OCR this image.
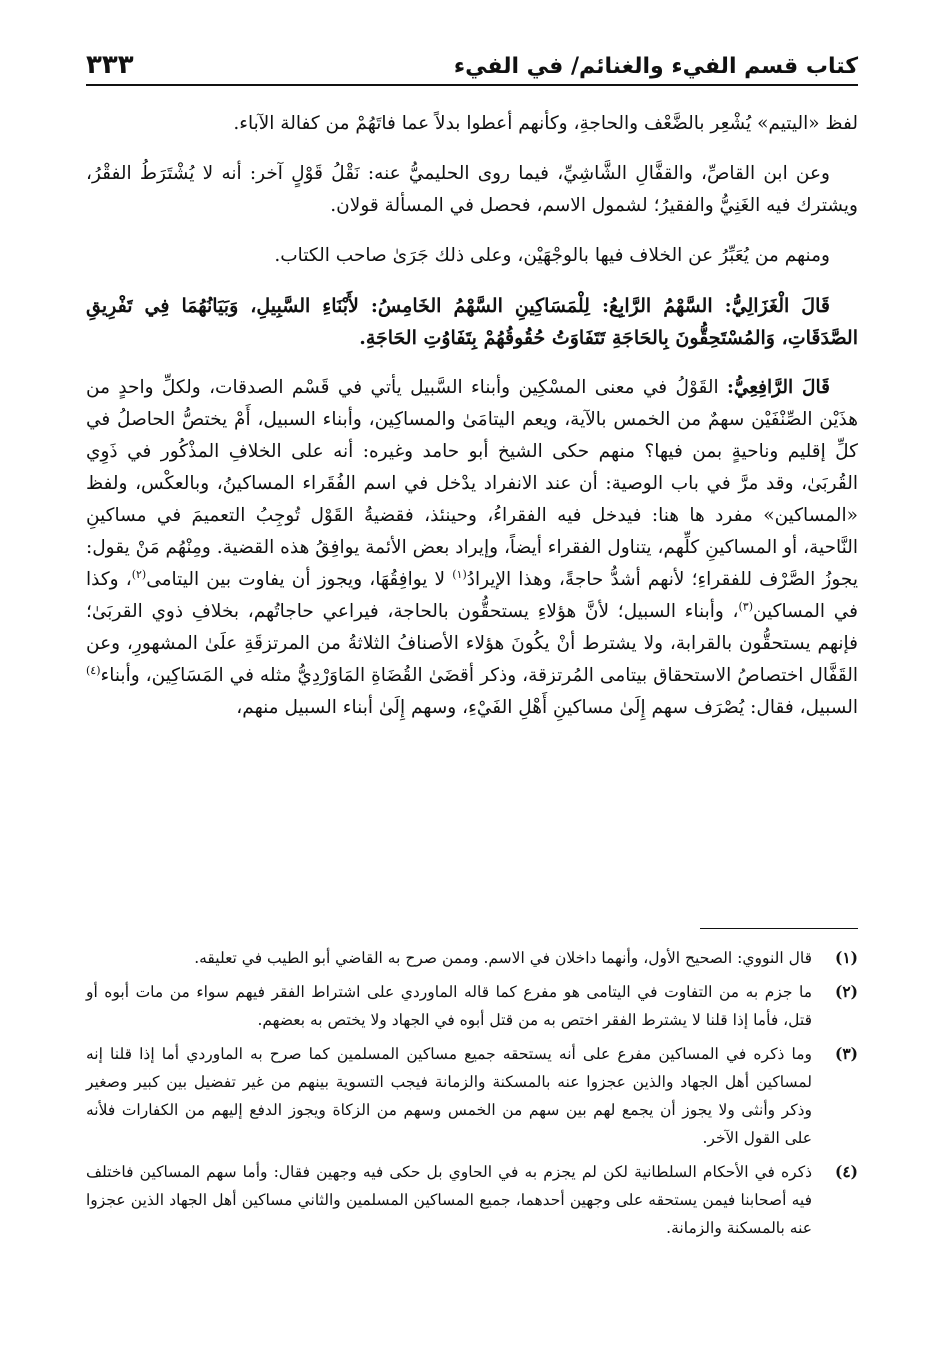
كتاب قسم الفيء والغنائم/ في الفيء
٣٣٣

لفظ «اليتيم» يُشْعِر بالضَّعْف والحاجةِ، وكأنهم أعطوا بدلاً عما فاتَهُمْ من كفالة الآباء.

وعن ابن القاصِّ، والقفَّالِ الشَّاشِيِّ، فيما روى الحليميُّ عنه: نَقْلُ قَوْلٍ آخر: أنه لا يُشْتَرَطُ الفقْرُ، ويشترك فيه الغَنِيُّ والفقيرُ؛ لشمول الاسم، فحصل في المسألة قولان.

ومنهم من يُعَبِّرُ عن الخلاف فيها بالوجْهَيْن، وعلى ذلك جَرَىٰ صاحب الكتاب.

قَالَ الْغَزَالِيُّ: السَّهْمُ الرَّابِعُ: لِلْمَسَاكِينِ السَّهْمُ الخَامِسُ: لأَبْنَاءِ السَّبِيلِ، وَبَيَانُهُمَا فِي تَفْرِيقِ الصَّدَقَاتِ، وَالمُسْتَحِقُّونَ بِالحَاجَةِ تَتَفَاوَتُ حُقُوقُهُمْ بِتَفَاوُتِ الحَاجَةِ.

قَالَ الرَّافِعِيُّ: القَوْلُ في معنى المسْكِين وأبناء السَّبيل يأتي في قَسْم الصدقات، ولكلِّ واحدٍ من هذَيْن الصِّنْفَيْن سهمٌ من الخمس بالآية، ويعم اليتامَىٰ والمساكِين، وأبناء السبيل، أَمْ يختصُّ الحاصلُ في كلِّ إقليم وناحيةٍ بمن فيها؟ منهم حكى الشيخ أبو حامد وغيره: أنه على الخلافِ المذْكُور في ذَوِي القُربَىٰ، وقد مرَّ في باب الوصية: أن عند الانفراد يدْخل في اسم الفُقَراء المساكينُ، وبالعكْس، ولفظ «المساكين» مفرد ها هنا: فيدخل فيه الفقراءُ، وحينئذ، فقضيةُ القَوْل تُوجِبُ التعميمَ في مساكينِ النَّاحية، أو المساكينِ كلِّهم، يتناول الفقراء أيضاً، وإيراد بعض الأئمة يوافِقُ هذه القضية. ومِنْهُم مَنْ يقول: يجوزُ الصَّرْف للفقراءِ؛ لأنهم أشدُّ حاجةً، وهذا الإيرادُ$^{(١)}$ لا يوافِقُهَا، ويجوز أن يفاوت بين اليتامى$^{(٢)}$، وكذا في المساكين$^{(٣)}$، وأبناء السبيل؛ لأنَّ هؤلاءِ يستحقُّون بالحاجة، فيراعي حاجاتُهم، بخلافِ ذوي القربَىٰ؛ فإنهم يستحقُّون بالقرابة، ولا يشترط أنْ يكُونَ هؤلاء الأصنافُ الثلاثةُ من المرتزقَةِ علَىٰ المشهورِ، وعن القَفَّال اختصاصُ الاستحقاق بيتامى المُرتزقة، وذكر أقضَىٰ القُضَاةِ المَاوَرْدِيُّ مثله في المَسَاكِين، وأبناء$^{(٤)}$ السبيل، فقال: يُصْرَف سهم إِلَىٰ مساكينِ أَهْلِ الفَيْءِ، وسهم إِلَىٰ أبناء السبيل منهم،

(١)
قال النووي: الصحيح الأول، وأنهما داخلان في الاسم. وممن صرح به القاضي أبو الطيب في تعليقه.
(٢)
ما جزم به من التفاوت في اليتامى هو مفرع كما قاله الماوردي على اشتراط الفقر فيهم سواء من مات أبوه أو قتل، فأما إذا قلنا لا يشترط الفقر اختص به من قتل أبوه في الجهاد ولا يختص به بعضهم.
(٣)
وما ذكره في المساكين مفرع على أنه يستحقه جميع مساكين المسلمين كما صرح به الماوردي أما إذا قلنا إنه لمساكين أهل الجهاد والذين عجزوا عنه بالمسكنة والزمانة فيجب التسوية بينهم من غير تفضيل بين كبير وصغير وذكر وأنثى ولا يجوز أن يجمع لهم بين سهم من الخمس وسهم من الزكاة ويجوز الدفع إليهم من الكفارات فلأنه على القول الآخر.
(٤)
ذكره في الأحكام السلطانية لكن لم يجزم به في الحاوي بل حكى فيه وجهين فقال: وأما سهم المساكين فاختلف فيه أصحابنا فيمن يستحقه على وجهين أحدهما، جميع المساكين المسلمين والثاني مساكين أهل الجهاد الذين عجزوا عنه بالمسكنة والزمانة.
